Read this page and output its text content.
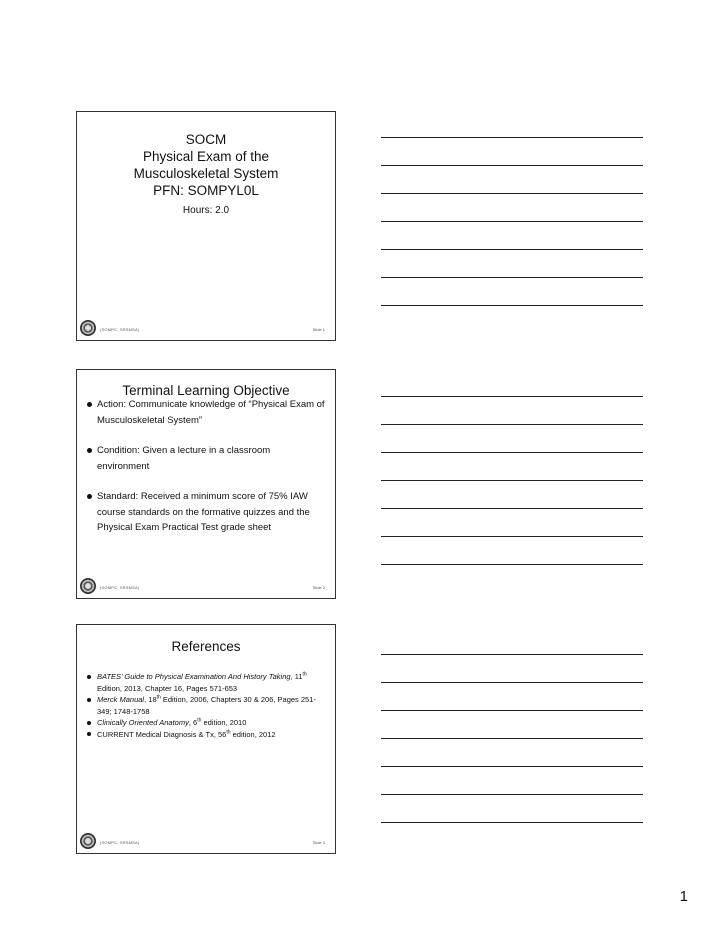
SOCM
Physical Exam of the
Musculoskeletal System
PFN: SOMPYL0L
Hours: 2.0
(SOMPC, SRSMSA)	Slide 1
Terminal Learning Objective
Action: Communicate knowledge of “Physical Exam of Musculoskeletal System”
Condition: Given a lecture in a classroom environment
Standard: Received a minimum score of 75% IAW course standards on the formative quizzes and the Physical Exam Practical Test grade sheet
(SOMPC, SRSMSA)	Slide 2
References
BATES’ Guide to Physical Examination And History Taking, 11th Edition, 2013, Chapter 16, Pages 571-653
Merck Manual, 18th Edition, 2006, Chapters 30 & 206, Pages 251-349; 1748-1758
Clinically Oriented Anatomy, 6th edition, 2010
CURRENT Medical Diagnosis & Tx, 56th edition, 2012
(SOMPC, SRSMSA)	Slide 3
1
